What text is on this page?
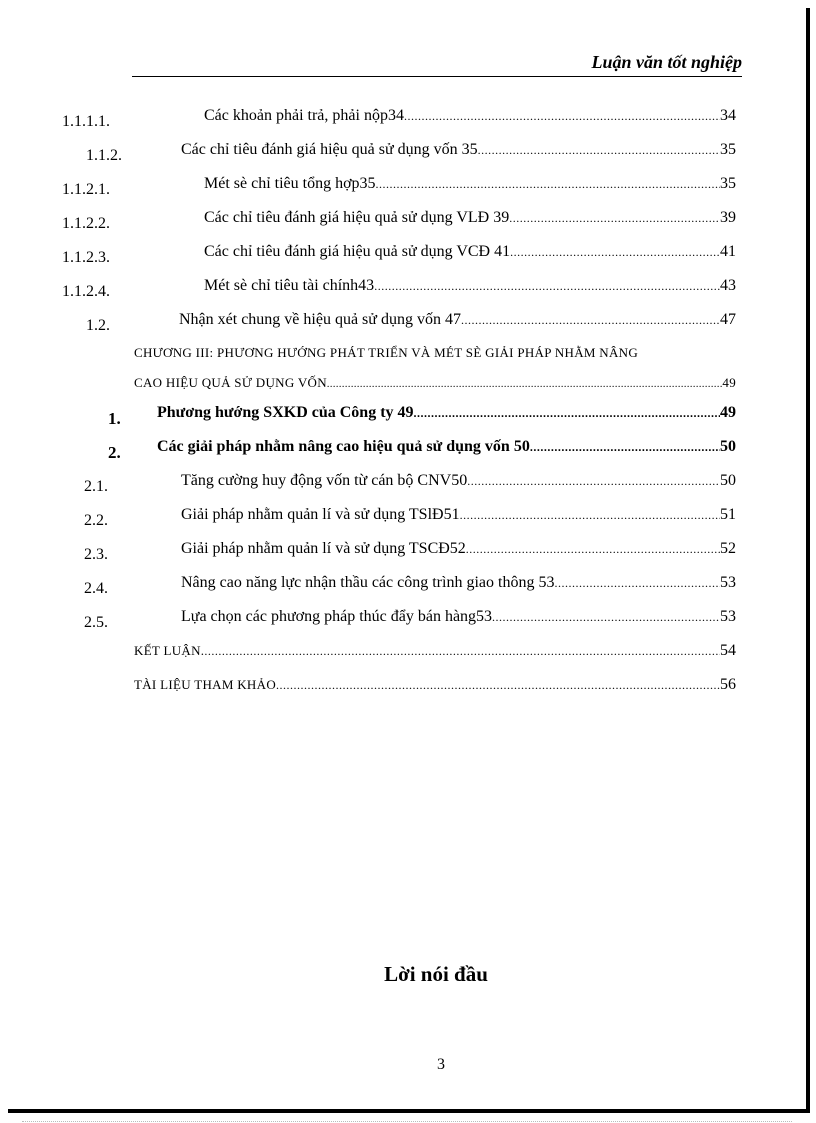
Luận văn tốt nghiệp
1.1.1.1.	Các khoản phải trả, phải nộp34 .....	34
1.1.2.	Các chỉ tiêu đánh giá hiệu quả sử dụng vốn 35 .....	35
1.1.2.1.	Mét sè chỉ tiêu tổng hợp35 .....	35
1.1.2.2.	Các chỉ tiêu đánh giá hiệu quả sử dụng VLĐ 39 .....	39
1.1.2.3.	Các chỉ tiêu đánh giá hiệu quả sử dụng VCĐ 41 .....	41
1.1.2.4.	Mét sè chỉ tiêu tài chính43 .....	43
1.2.	Nhận xét chung về hiệu quả sử dụng vốn 47 .....	47
CHƯƠNG III: PHƯƠNG HƯỚNG PHÁT TRIỂN VÀ MÉT SÈ GIẢI PHÁP NHẰM NÂNG
CAO HIỆU QUẢ SỬ DỤNG VỐN .....	49
1. Phương hướng SXKD của Công ty 49 .....	49
2. Các giải pháp nhằm nâng cao hiệu quả sử dụng vốn 50 .....	50
2.1.	Tăng cường huy động vốn từ cán bộ CNV50 .....	50
2.2.	Giải pháp nhằm quản lí và sử dụng TSlĐ51 .....	51
2.3.	Giải pháp nhằm quản lí và sử dụng TSCĐ52 .....	52
2.4.	Nâng cao năng lực nhận thầu các công trình giao thông 53 .....	53
2.5.	Lựa chọn các phương pháp thúc đẩy bán hàng53 .....	53
KẾT LUẬN. .....	54
TÀI LIỆU THAM KHẢO .....	56
Lời nói đầu
3
